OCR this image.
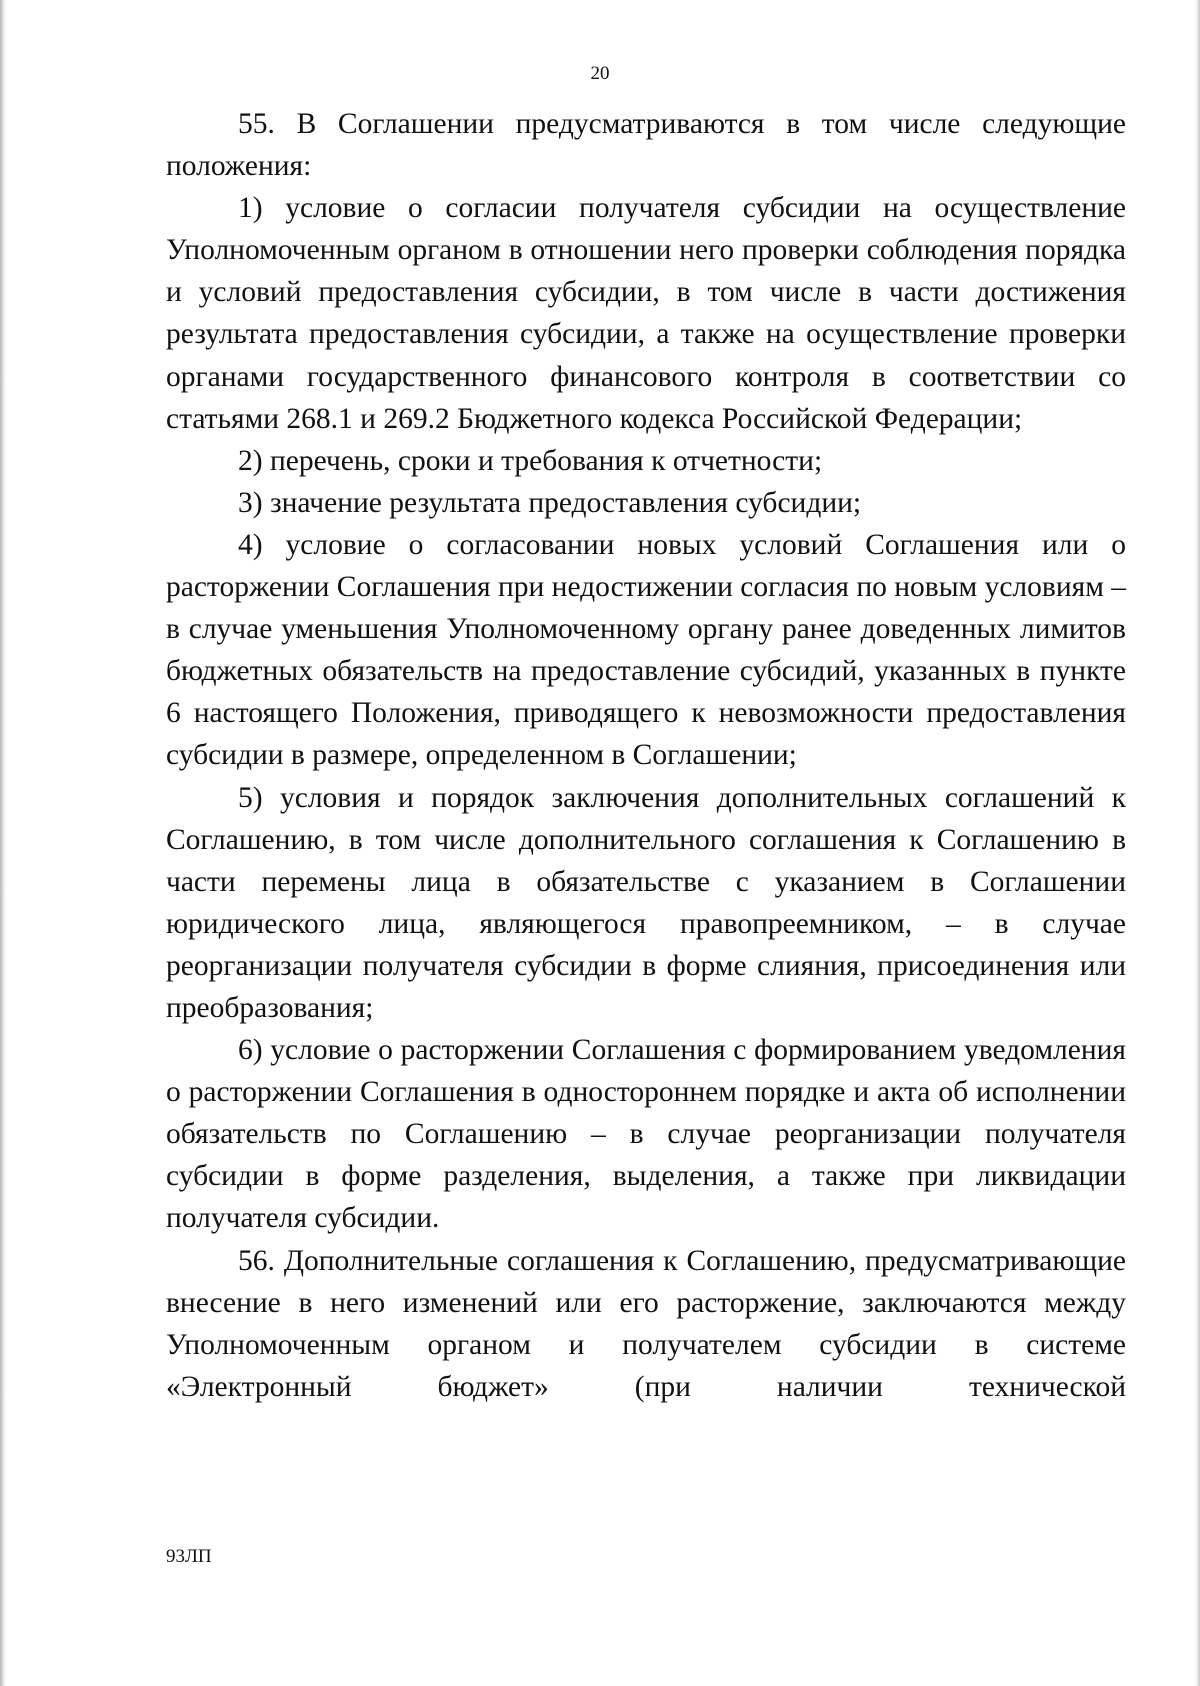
20

55. В Соглашении предусматриваются в том числе следующие положения:

1) условие о согласии получателя субсидии на осуществление Уполномоченным органом в отношении него проверки соблюдения порядка и условий предоставления субсидии, в том числе в части достижения результата предоставления субсидии, а также на осуществление проверки органами государственного финансового контроля в соответствии со статьями 268.1 и 269.2 Бюджетного кодекса Российской Федерации;

2) перечень, сроки и требования к отчетности;

3) значение результата предоставления субсидии;

4) условие о согласовании новых условий Соглашения или о расторжении Соглашения при недостижении согласия по новым условиям – в случае уменьшения Уполномоченному органу ранее доведенных лимитов бюджетных обязательств на предоставление субсидий, указанных в пункте 6 настоящего Положения, приводящего к невозможности предоставления субсидии в размере, определенном в Соглашении;

5) условия и порядок заключения дополнительных соглашений к Соглашению, в том числе дополнительного соглашения к Соглашению в части перемены лица в обязательстве с указанием в Соглашении юридического лица, являющегося правопреемником, – в случае реорганизации получателя субсидии в форме слияния, присоединения или преобразования;

6) условие о расторжении Соглашения с формированием уведомления о расторжении Соглашения в одностороннем порядке и акта об исполнении обязательств по Соглашению – в случае реорганизации получателя субсидии в форме разделения, выделения, а также при ликвидации получателя субсидии.

56. Дополнительные соглашения к Соглашению, предусматривающие внесение в него изменений или его расторжение, заключаются между Уполномоченным органом и получателем субсидии в системе «Электронный бюджет» (при наличии технической

93ЛП
